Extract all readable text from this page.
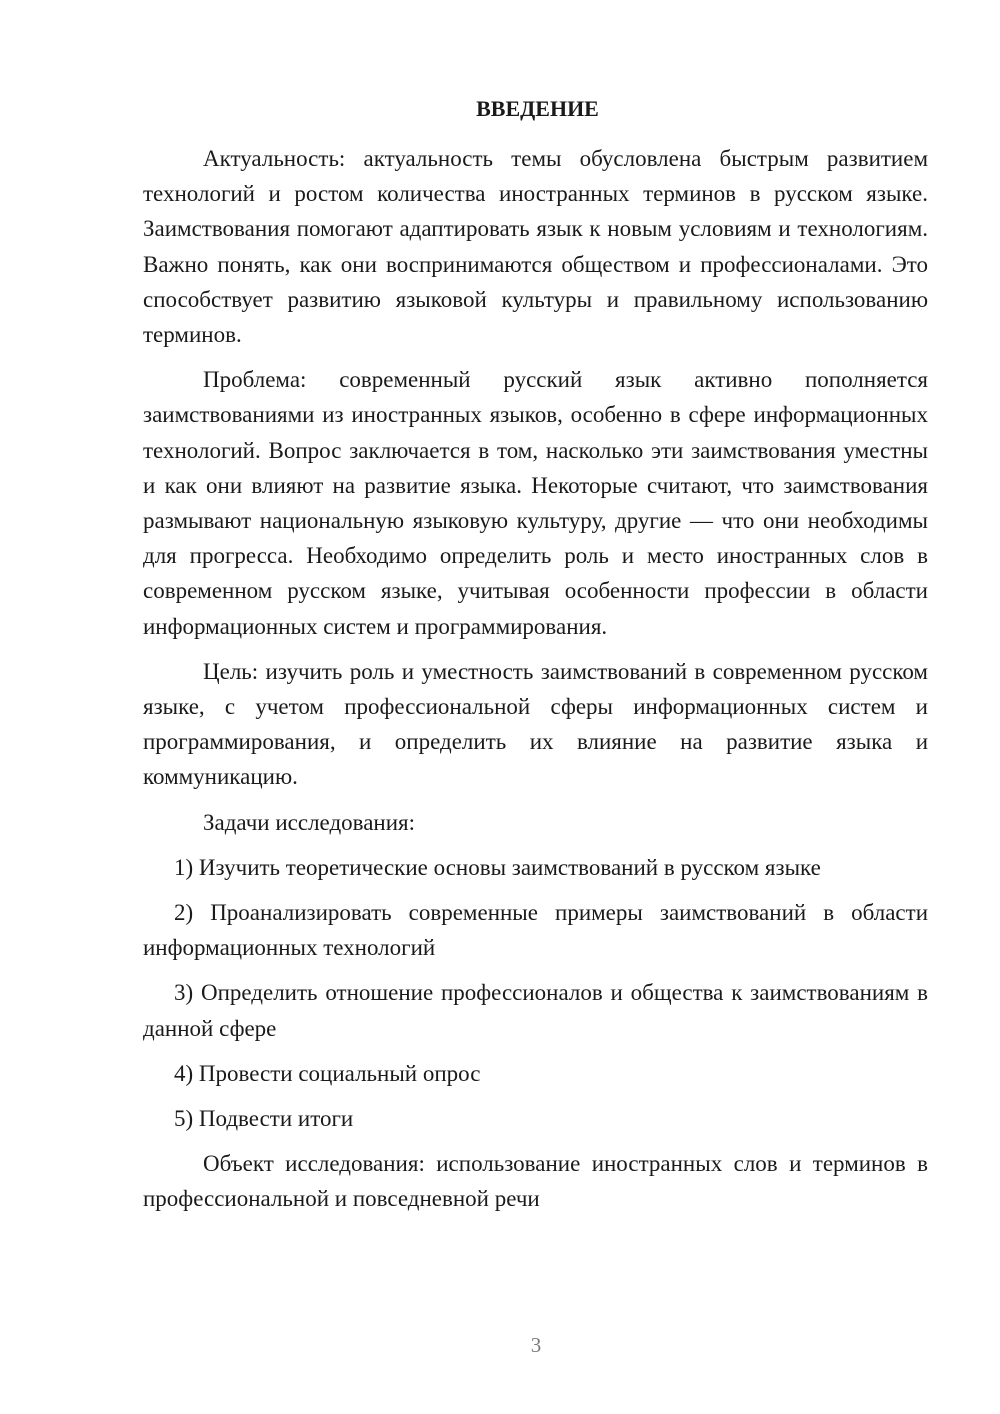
ВВЕДЕНИЕ

Актуальность: актуальность темы обусловлена быстрым развитием технологий и ростом количества иностранных терминов в русском языке. Заимствования помогают адаптировать язык к новым условиям и технологиям. Важно понять, как они воспринимаются обществом и профессионалами. Это способствует развитию языковой культуры и правильному использованию терминов.

Проблема: современный русский язык активно пополняется заимствованиями из иностранных языков, особенно в сфере информационных технологий. Вопрос заключается в том, насколько эти заимствования уместны и как они влияют на развитие языка. Некоторые считают, что заимствования размывают национальную языковую культуру, другие — что они необходимы для прогресса. Необходимо определить роль и место иностранных слов в современном русском языке, учитывая особенности профессии в области информационных систем и программирования.

Цель: изучить роль и уместность заимствований в современном русском языке, с учетом профессиональной сферы информационных систем и программирования, и определить их влияние на развитие языка и коммуникацию.

Задачи исследования:

1) Изучить теоретические основы заимствований в русском языке

2) Проанализировать современные примеры заимствований в области информационных технологий

3) Определить отношение профессионалов и общества к заимствованиям в данной сфере

4) Провести социальный опрос

5) Подвести итоги

Объект исследования: использование иностранных слов и терминов в профессиональной и повседневной речи

3
